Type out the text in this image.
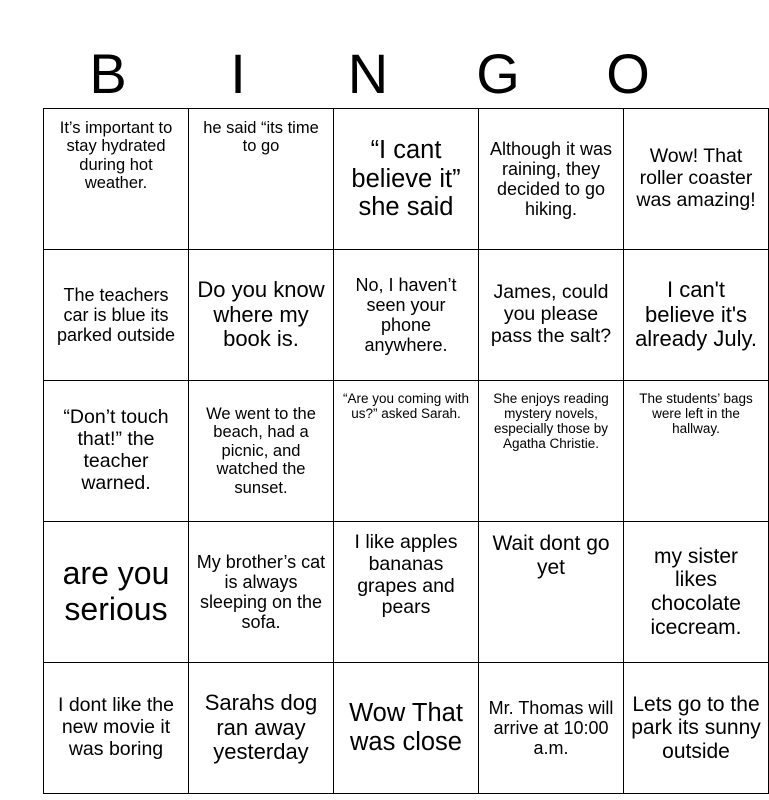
B	I	N	G	O
It’s important to stay hydrated during hot weather.	he said “its time to go	“I cant believe it” she said	Although it was raining, they decided to go hiking.	Wow! That roller coaster was amazing!
The teachers car is blue its parked outside	Do you know where my book is.	No, I haven’t seen your phone anywhere.	James, could you please pass the salt?	I can't believe it's already July.
“Don’t touch that!” the teacher warned.	We went to the beach, had a picnic, and watched the sunset.	“Are you coming with us?” asked Sarah.	She enjoys reading mystery novels, especially those by Agatha Christie.	The students’ bags were left in the hallway.
are you serious	My brother’s cat is always sleeping on the sofa.	I like apples bananas grapes and pears	Wait dont go yet	my sister likes chocolate icecream.
I dont like the new movie it was boring	Sarahs dog ran away yesterday	Wow That was close	Mr. Thomas will arrive at 10:00 a.m.	Lets go to the park its sunny outside
